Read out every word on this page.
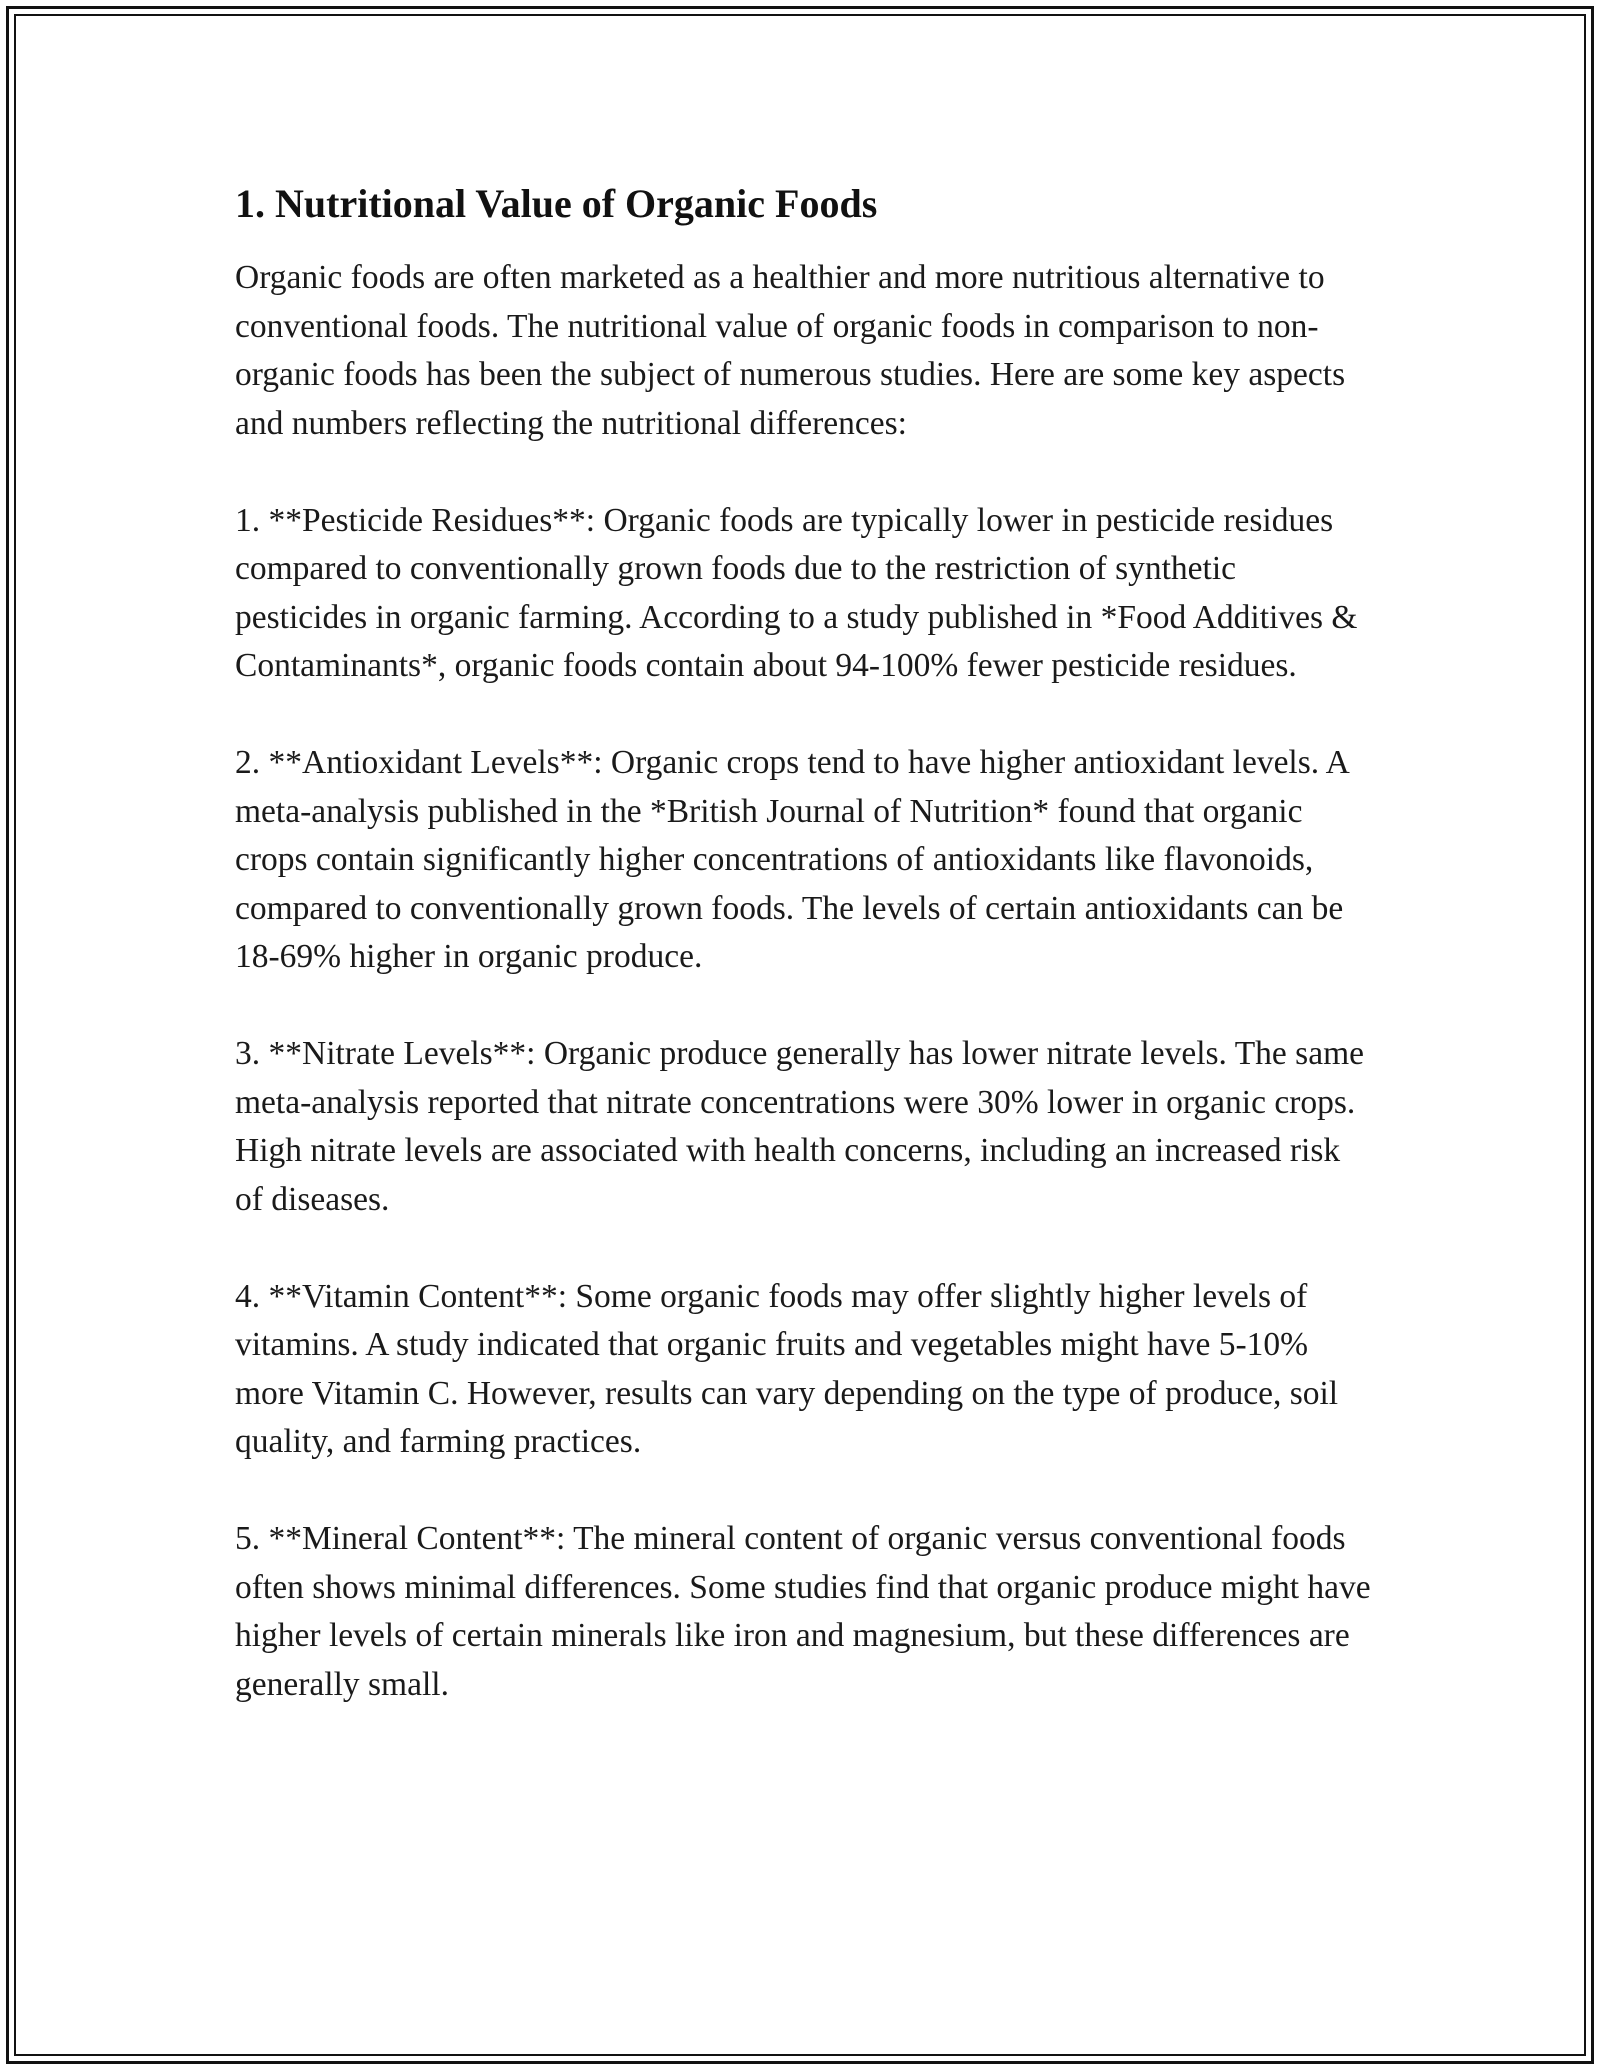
1. Nutritional Value of Organic Foods

Organic foods are often marketed as a healthier and more nutritious alternative to conventional foods. The nutritional value of organic foods in comparison to non-organic foods has been the subject of numerous studies. Here are some key aspects and numbers reflecting the nutritional differences:

1. **Pesticide Residues**: Organic foods are typically lower in pesticide residues compared to conventionally grown foods due to the restriction of synthetic pesticides in organic farming. According to a study published in *Food Additives & Contaminants*, organic foods contain about 94-100% fewer pesticide residues.

2. **Antioxidant Levels**: Organic crops tend to have higher antioxidant levels. A meta-analysis published in the *British Journal of Nutrition* found that organic crops contain significantly higher concentrations of antioxidants like flavonoids, compared to conventionally grown foods. The levels of certain antioxidants can be 18-69% higher in organic produce.

3. **Nitrate Levels**: Organic produce generally has lower nitrate levels. The same meta-analysis reported that nitrate concentrations were 30% lower in organic crops. High nitrate levels are associated with health concerns, including an increased risk of diseases.

4. **Vitamin Content**: Some organic foods may offer slightly higher levels of vitamins. A study indicated that organic fruits and vegetables might have 5-10% more Vitamin C. However, results can vary depending on the type of produce, soil quality, and farming practices.

5. **Mineral Content**: The mineral content of organic versus conventional foods often shows minimal differences. Some studies find that organic produce might have higher levels of certain minerals like iron and magnesium, but these differences are generally small.
